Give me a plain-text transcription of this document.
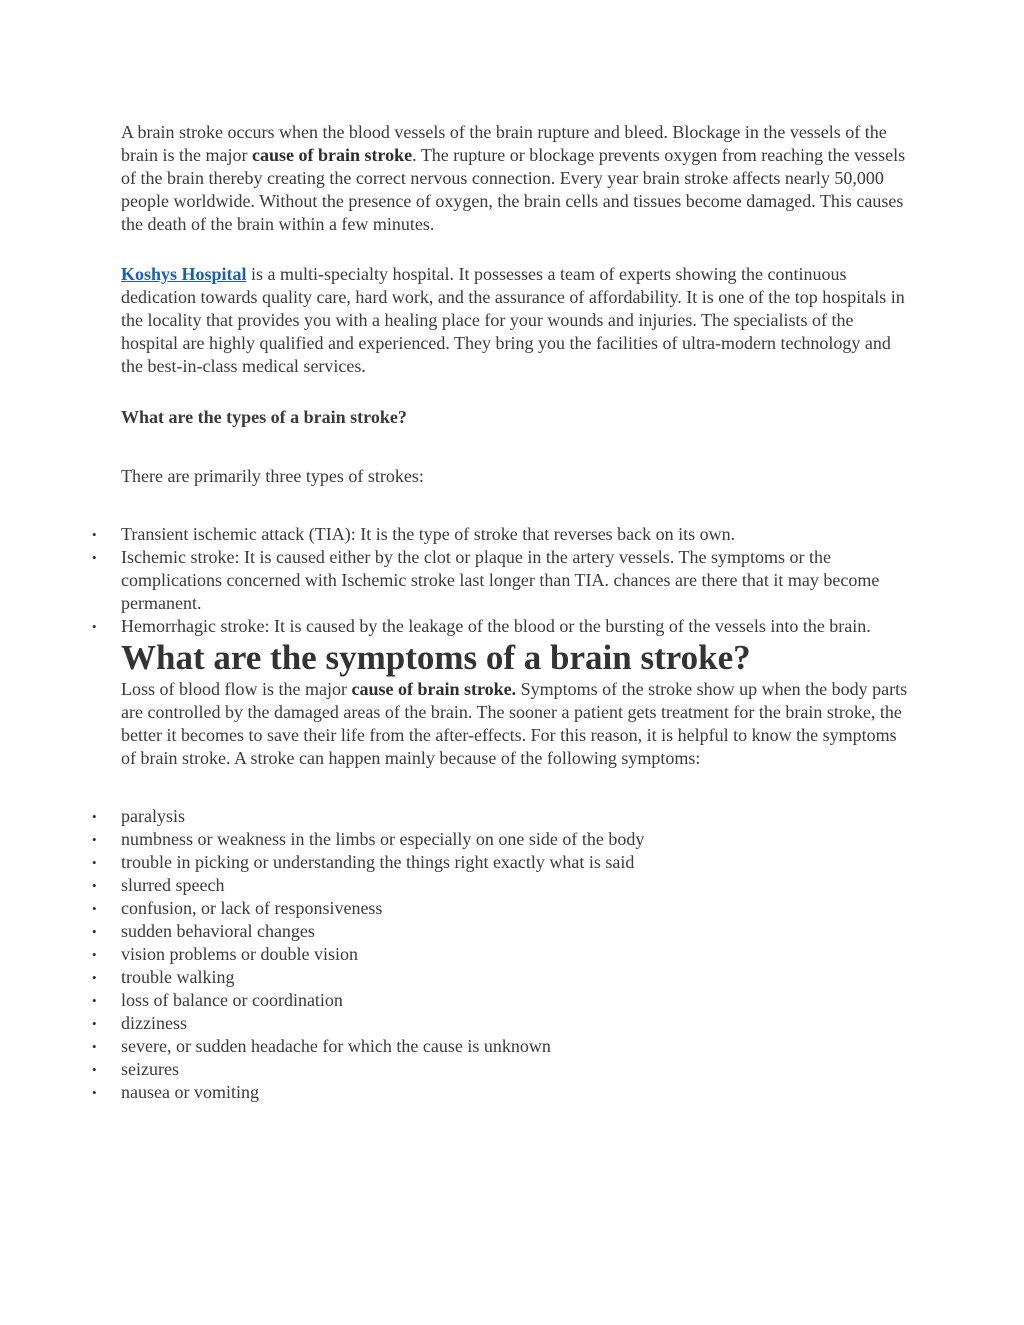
A brain stroke occurs when the blood vessels of the brain rupture and bleed. Blockage in the vessels of the brain is the major cause of brain stroke. The rupture or blockage prevents oxygen from reaching the vessels of the brain thereby creating the correct nervous connection. Every year brain stroke affects nearly 50,000 people worldwide. Without the presence of oxygen, the brain cells and tissues become damaged. This causes the death of the brain within a few minutes.

Koshys Hospital is a multi-specialty hospital. It possesses a team of experts showing the continuous dedication towards quality care, hard work, and the assurance of affordability. It is one of the top hospitals in the locality that provides you with a healing place for your wounds and injuries. The specialists of the hospital are highly qualified and experienced. They bring you the facilities of ultra-modern technology and the best-in-class medical services.

What are the types of a brain stroke?

There are primarily three types of strokes:

• Transient ischemic attack (TIA): It is the type of stroke that reverses back on its own.
• Ischemic stroke: It is caused either by the clot or plaque in the artery vessels. The symptoms or the complications concerned with Ischemic stroke last longer than TIA. chances are there that it may become permanent.
• Hemorrhagic stroke: It is caused by the leakage of the blood or the bursting of the vessels into the brain.
What are the symptoms of a brain stroke?

Loss of blood flow is the major cause of brain stroke. Symptoms of the stroke show up when the body parts are controlled by the damaged areas of the brain. The sooner a patient gets treatment for the brain stroke, the better it becomes to save their life from the after-effects. For this reason, it is helpful to know the symptoms of brain stroke. A stroke can happen mainly because of the following symptoms:

• paralysis
• numbness or weakness in the limbs or especially on one side of the body
• trouble in picking or understanding the things right exactly what is said
• slurred speech
• confusion, or lack of responsiveness
• sudden behavioral changes
• vision problems or double vision
• trouble walking
• loss of balance or coordination
• dizziness
• severe, or sudden headache for which the cause is unknown
• seizures
• nausea or vomiting
